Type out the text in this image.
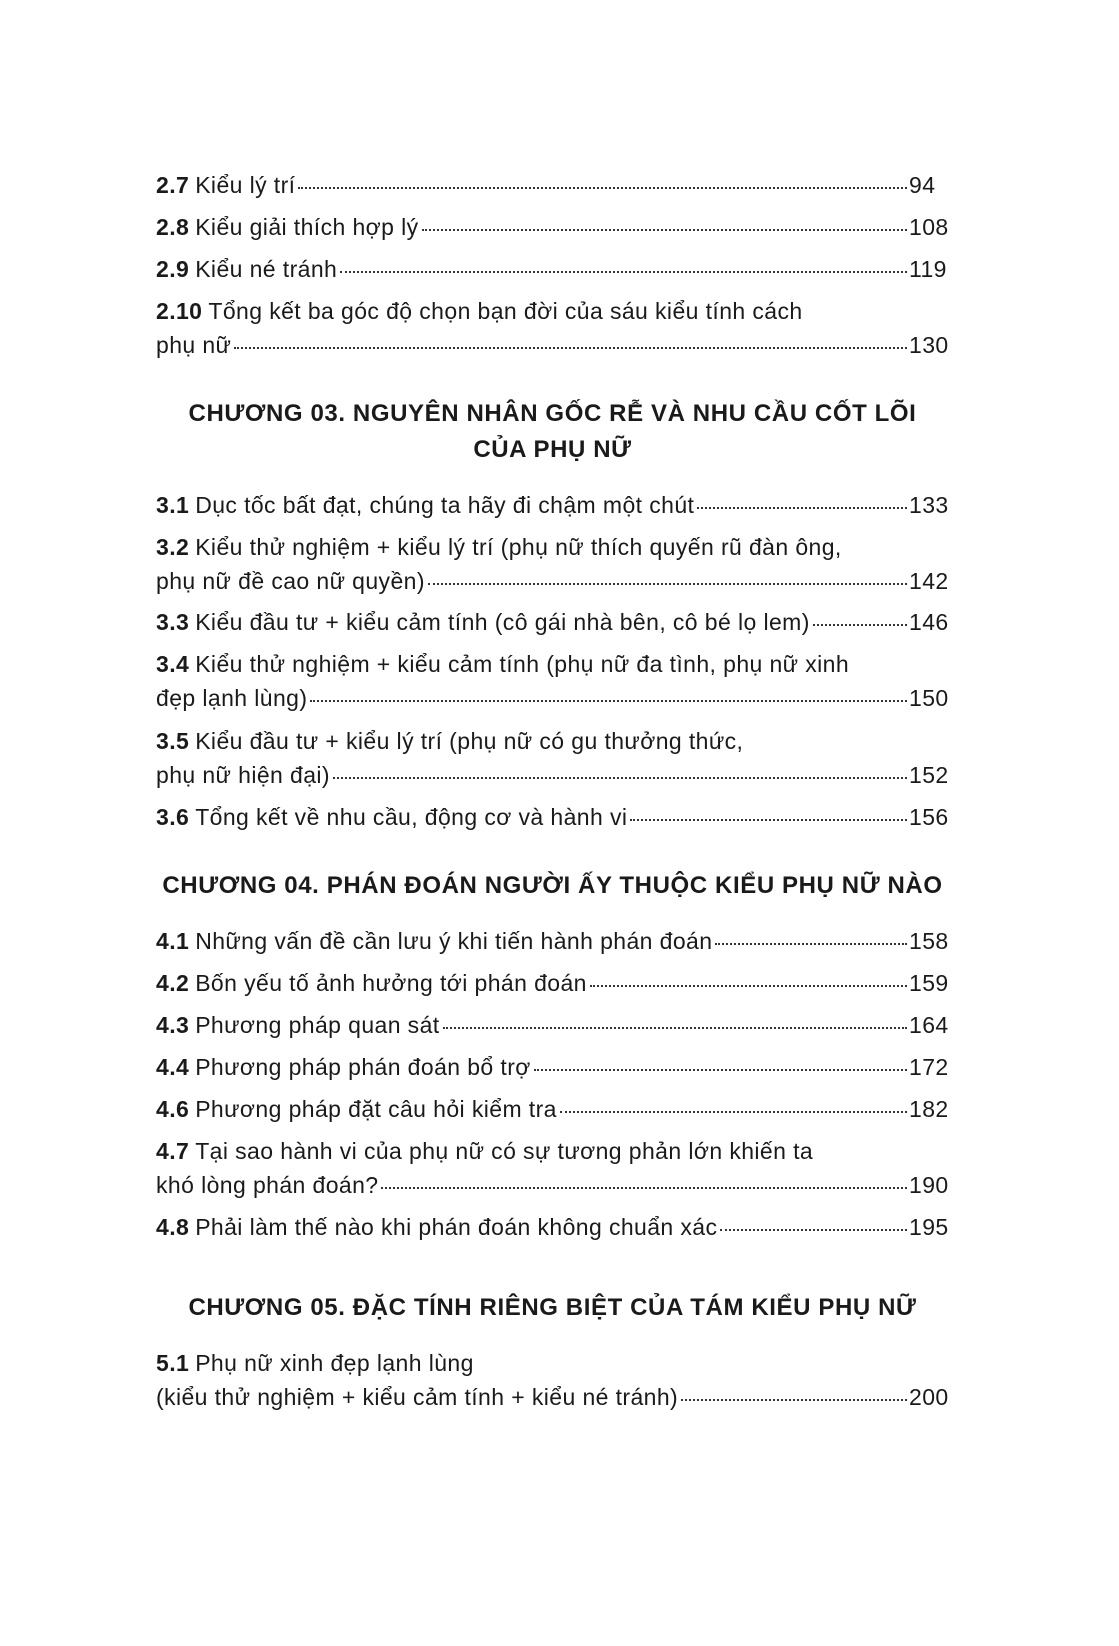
2.7 Kiểu lý trí	94
2.8 Kiểu giải thích hợp lý	108
2.9 Kiểu né tránh	119
2.10 Tổng kết ba góc độ chọn bạn đời của sáu kiểu tính cách
phụ nữ	130
CHƯƠNG 03. NGUYÊN NHÂN GỐC RỄ VÀ NHU CẦU CỐT LÕI
CỦA PHỤ NỮ
3.1 Dục tốc bất đạt, chúng ta hãy đi chậm một chút	133
3.2 Kiểu thử nghiệm + kiểu lý trí (phụ nữ thích quyến rũ đàn ông,
phụ nữ đề cao nữ quyền)	142
3.3 Kiểu đầu tư + kiểu cảm tính (cô gái nhà bên, cô bé lọ lem)	146
3.4 Kiểu thử nghiệm + kiểu cảm tính (phụ nữ đa tình, phụ nữ xinh
đẹp lạnh lùng)	150
3.5 Kiểu đầu tư + kiểu lý trí (phụ nữ có gu thưởng thức,
phụ nữ hiện đại)	152
3.6 Tổng kết về nhu cầu, động cơ và hành vi	156
CHƯƠNG 04. PHÁN ĐOÁN NGƯỜI ẤY THUỘC KIỂU PHỤ NỮ NÀO
4.1 Những vấn đề cần lưu ý khi tiến hành phán đoán	158
4.2 Bốn yếu tố ảnh hưởng tới phán đoán	159
4.3 Phương pháp quan sát	164
4.4 Phương pháp phán đoán bổ trợ	172
4.6 Phương pháp đặt câu hỏi kiểm tra	182
4.7 Tại sao hành vi của phụ nữ có sự tương phản lớn khiến ta
khó lòng phán đoán?	190
4.8 Phải làm thế nào khi phán đoán không chuẩn xác	195
CHƯƠNG 05. ĐẶC TÍNH RIÊNG BIỆT CỦA TÁM KIỂU PHỤ NỮ
5.1 Phụ nữ xinh đẹp lạnh lùng
(kiểu thử nghiệm + kiểu cảm tính + kiểu né tránh)	200
